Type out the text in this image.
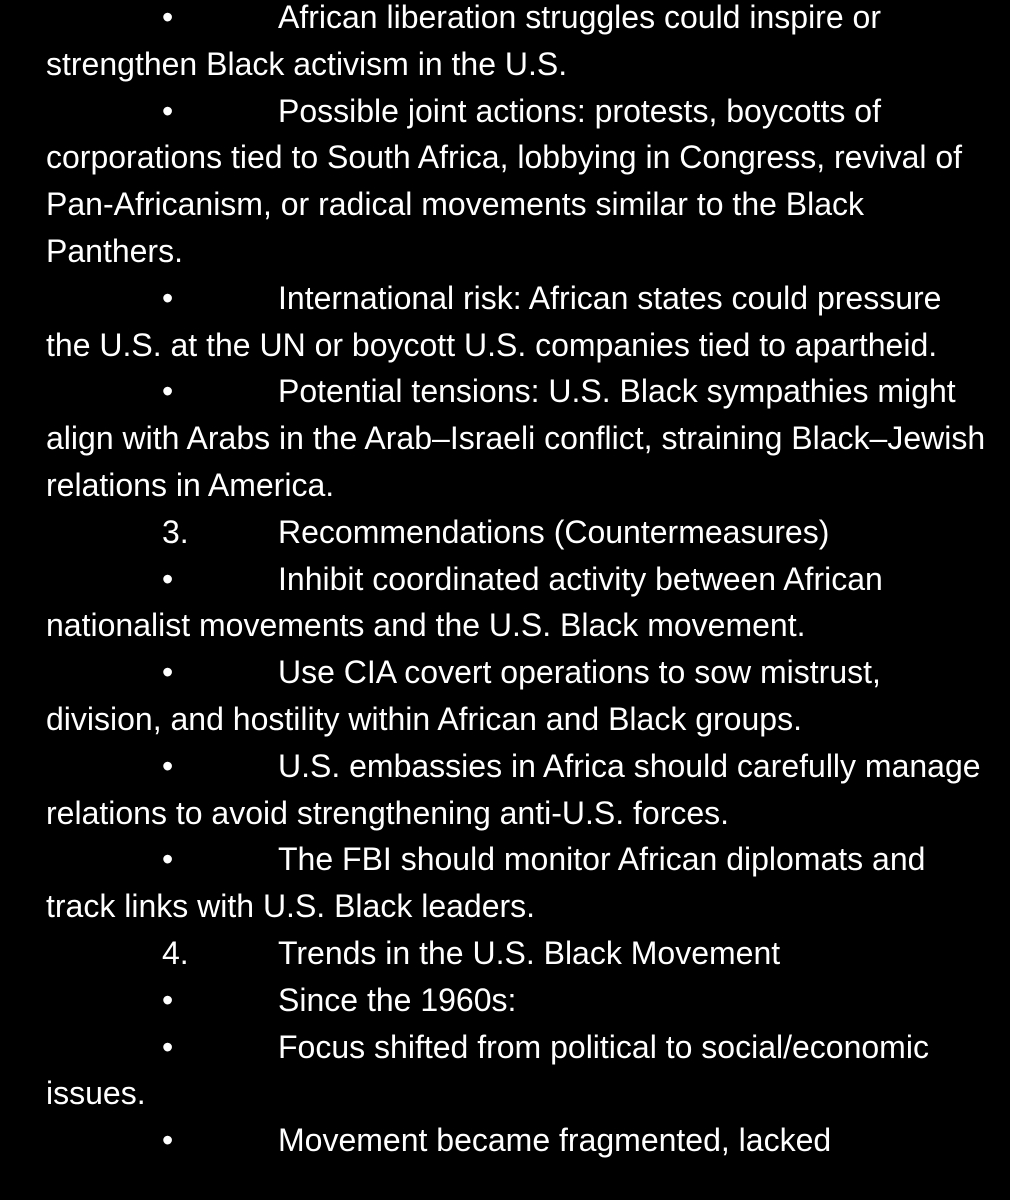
•	African liberation struggles could inspire or strengthen Black activism in the U.S.

•	Possible joint actions: protests, boycotts of corporations tied to South Africa, lobbying in Congress, revival of Pan-Africanism, or radical movements similar to the Black Panthers.

•	International risk: African states could pressure the U.S. at the UN or boycott U.S. companies tied to apartheid.

•	Potential tensions: U.S. Black sympathies might align with Arabs in the Arab–Israeli conflict, straining Black–Jewish relations in America.

3.	Recommendations (Countermeasures)

•	Inhibit coordinated activity between African nationalist movements and the U.S. Black movement.

•	Use CIA covert operations to sow mistrust, division, and hostility within African and Black groups.

•	U.S. embassies in Africa should carefully manage relations to avoid strengthening anti-U.S. forces.

•	The FBI should monitor African diplomats and track links with U.S. Black leaders.

4.	Trends in the U.S. Black Movement

•	Since the 1960s:

•	Focus shifted from political to social/economic issues.

•	Movement became fragmented, lacked
